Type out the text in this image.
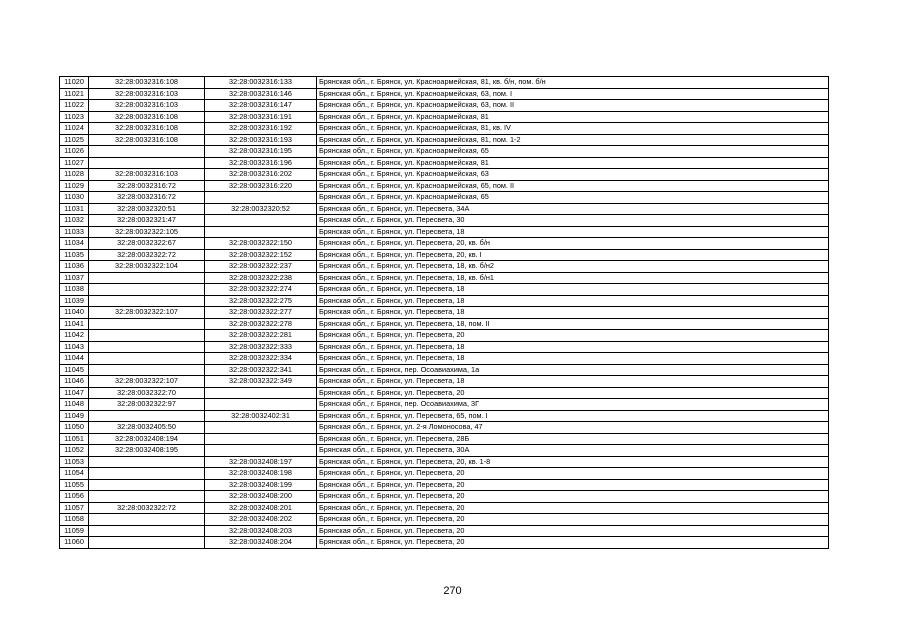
11020	32:28:0032316:108	32:28:0032316:133	Брянская обл., г. Брянск, ул. Красноармейская, 81, кв. б/н, пом. б/н
11021	32:28:0032316:103	32:28:0032316:146	Брянская обл., г. Брянск, ул. Красноармейская, 63, пом. I
11022	32:28:0032316:103	32:28:0032316:147	Брянская обл., г. Брянск, ул. Красноармейская, 63, пом. II
11023	32:28:0032316:108	32:28:0032316:191	Брянская обл., г. Брянск, ул. Красноармейская, 81
11024	32:28:0032316:108	32:28:0032316:192	Брянская обл., г. Брянск, ул. Красноармейская, 81, кв. IV
11025	32:28:0032316:108	32:28:0032316:193	Брянская обл., г. Брянск, ул. Красноармейская, 81, пом. 1-2
11026		32:28:0032316:195	Брянская обл., г. Брянск, ул. Красноармейская, 65
11027		32:28:0032316:196	Брянская обл., г. Брянск, ул. Красноармейская, 81
11028	32:28:0032316:103	32:28:0032316:202	Брянская обл., г. Брянск, ул. Красноармейская, 63
11029	32:28:0032316:72	32:28:0032316:220	Брянская обл., г. Брянск, ул. Красноармейская, 65, пом. II
11030	32:28:0032316:72		Брянская обл., г. Брянск, ул. Красноармейская, 65
11031	32:28:0032320:51	32:28:0032320:52	Брянская обл., г. Брянск, ул. Пересвета, 34А
11032	32:28:0032321:47		Брянская обл., г. Брянск, ул. Пересвета, 30
11033	32:28:0032322:105		Брянская обл., г. Брянск, ул. Пересвета, 18
11034	32:28:0032322:67	32:28:0032322:150	Брянская обл., г. Брянск, ул. Пересвета, 20, кв. б/н
11035	32:28:0032322:72	32:28:0032322:152	Брянская обл., г. Брянск, ул. Пересвета, 20, кв. I
11036	32:28:0032322:104	32:28:0032322:237	Брянская обл., г. Брянск, ул. Пересвета, 18, кв. б/н2
11037		32:28:0032322:238	Брянская обл., г. Брянск, ул. Пересвета, 18, кв. б/н1
11038		32:28:0032322:274	Брянская обл., г. Брянск, ул. Пересвета, 18
11039		32:28:0032322:275	Брянская обл., г. Брянск, ул. Пересвета, 18
11040	32:28:0032322:107	32:28:0032322:277	Брянская обл., г. Брянск, ул. Пересвета, 18
11041		32:28:0032322:278	Брянская обл., г. Брянск, ул. Пересвета, 18, пом. II
11042		32:28:0032322:281	Брянская обл., г. Брянск, ул. Пересвета, 20
11043		32:28:0032322:333	Брянская обл., г. Брянск, ул. Пересвета, 18
11044		32:28:0032322:334	Брянская обл., г. Брянск, ул. Пересвета, 18
11045		32:28:0032322:341	Брянская обл., г. Брянск, пер. Осоавиахима, 1а
11046	32:28:0032322:107	32:28:0032322:349	Брянская обл., г. Брянск, ул. Пересвета, 18
11047	32:28:0032322:70		Брянская обл., г. Брянск, ул. Пересвета, 20
11048	32:28:0032322:97		Брянская обл., г. Брянск, пер. Осоавиахима, 3Г
11049		32:28:0032402:31	Брянская обл., г. Брянск, ул. Пересвета, 65, пом. I
11050	32:28:0032405:50		Брянская обл., г. Брянск, ул. 2-я Ломоносова, 47
11051	32:28:0032408:194		Брянская обл., г. Брянск, ул. Пересвета, 28Б
11052	32:28:0032408:195		Брянская обл., г. Брянск, ул. Пересвета, 30А
11053		32:28:0032408:197	Брянская обл., г. Брянск, ул. Пересвета, 20, кв. 1-8
11054		32:28:0032408:198	Брянская обл., г. Брянск, ул. Пересвета, 20
11055		32:28:0032408:199	Брянская обл., г. Брянск, ул. Пересвета, 20
11056		32:28:0032408:200	Брянская обл., г. Брянск, ул. Пересвета, 20
11057	32:28:0032322:72	32:28:0032408:201	Брянская обл., г. Брянск, ул. Пересвета, 20
11058		32:28:0032408:202	Брянская обл., г. Брянск, ул. Пересвета, 20
11059		32:28:0032408:203	Брянская обл., г. Брянск, ул. Пересвета, 20
11060		32:28:0032408:204	Брянская обл., г. Брянск, ул. Пересвета, 20
270
